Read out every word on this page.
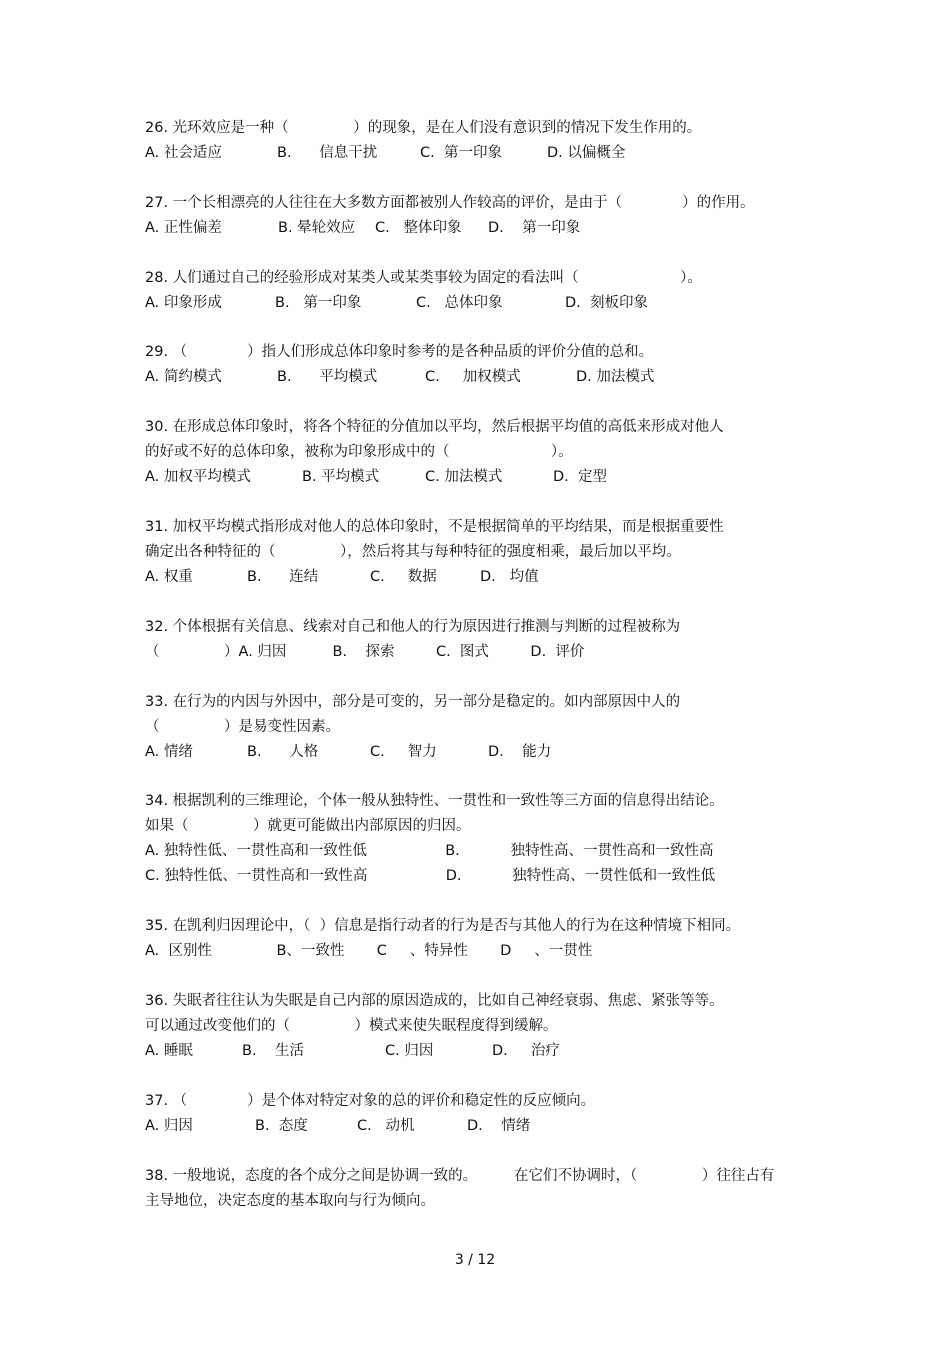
26. 光环效应是一种（              ）的现象，是在人们没有意识到的情况下发生作用的。
A. 社会适应	B.      信息干扰	C.  第一印象	D. 以偏概全
27. 一个长相漂亮的人往往在大多数方面都被别人作较高的评价，是由于（             ）的作用。
A. 正性偏差	B. 晕轮效应 C.   整体印象 D.    第一印象
28. 人们通过自己的经验形成对某类人或某类事较为固定的看法叫（                      ）。
A. 印象形成	B.   第一印象	C.   总体印象	D.  刻板印象
29. （             ）指人们形成总体印象时参考的是各种品质的评价分值的总和。
A. 简约模式	B.      平均模式	C.     加权模式	D. 加法模式
30. 在形成总体印象时，将各个特征的分值加以平均，然后根据平均值的高低来形成对他人
的好或不好的总体印象，被称为印象形成中的（                      ）。
A. 加权平均模式	B. 平均模式	C. 加法模式	D.  定型
31. 加权平均模式指形成对他人的总体印象时，不是根据简单的平均结果，而是根据重要性
确定出各种特征的（              ），然后将其与每种特征的强度相乘，最后加以平均。
A. 权重	B.      连结	C.     数据	D.   均值
32. 个体根据有关信息、线索对自己和他人的行为原因进行推测与判断的过程被称为
（              ）A. 归因          B.    探索         C.  图式         D.  评价
33. 在行为的内因与外因中，部分是可变的，另一部分是稳定的。如内部原因中人的
（              ）是易变性因素。
A. 情绪	B.      人格	C.     智力	D.    能力
34. 根据凯利的三维理论，个体一般从独特性、一贯性和一致性等三方面的信息得出结论。
如果（              ）就更可能做出内部原因的归因。
A. 独特性低、一贯性高和一致性低                 B.           独特性高、一贯性高和一致性高
C. 独特性低、一贯性高和一致性高                 D.           独特性高、一贯性低和一致性低
35. 在凯利归因理论中，（  ）信息是指行动者的行为是否与其他人的行为在这种情境下相同。
A.  区别性              B、一致性       C     、特异性       D     、一贯性
36. 失眠者往往认为失眠是自己内部的原因造成的，比如自己神经衰弱、焦虑、紧张等等。
可以通过改变他们的（              ）模式来使失眠程度得到缓解。
A. 睡眠	B.    生活	C. 归因	D.     治疗
37. （             ）是个体对特定对象的总的评价和稳定性的反应倾向。
A. 归因	B.  态度	C.   动机	D.    情绪
38. 一般地说，态度的各个成分之间是协调一致的。        在它们不协调时，（              ）往往占有
主导地位，决定态度的基本取向与行为倾向。
3 / 12
